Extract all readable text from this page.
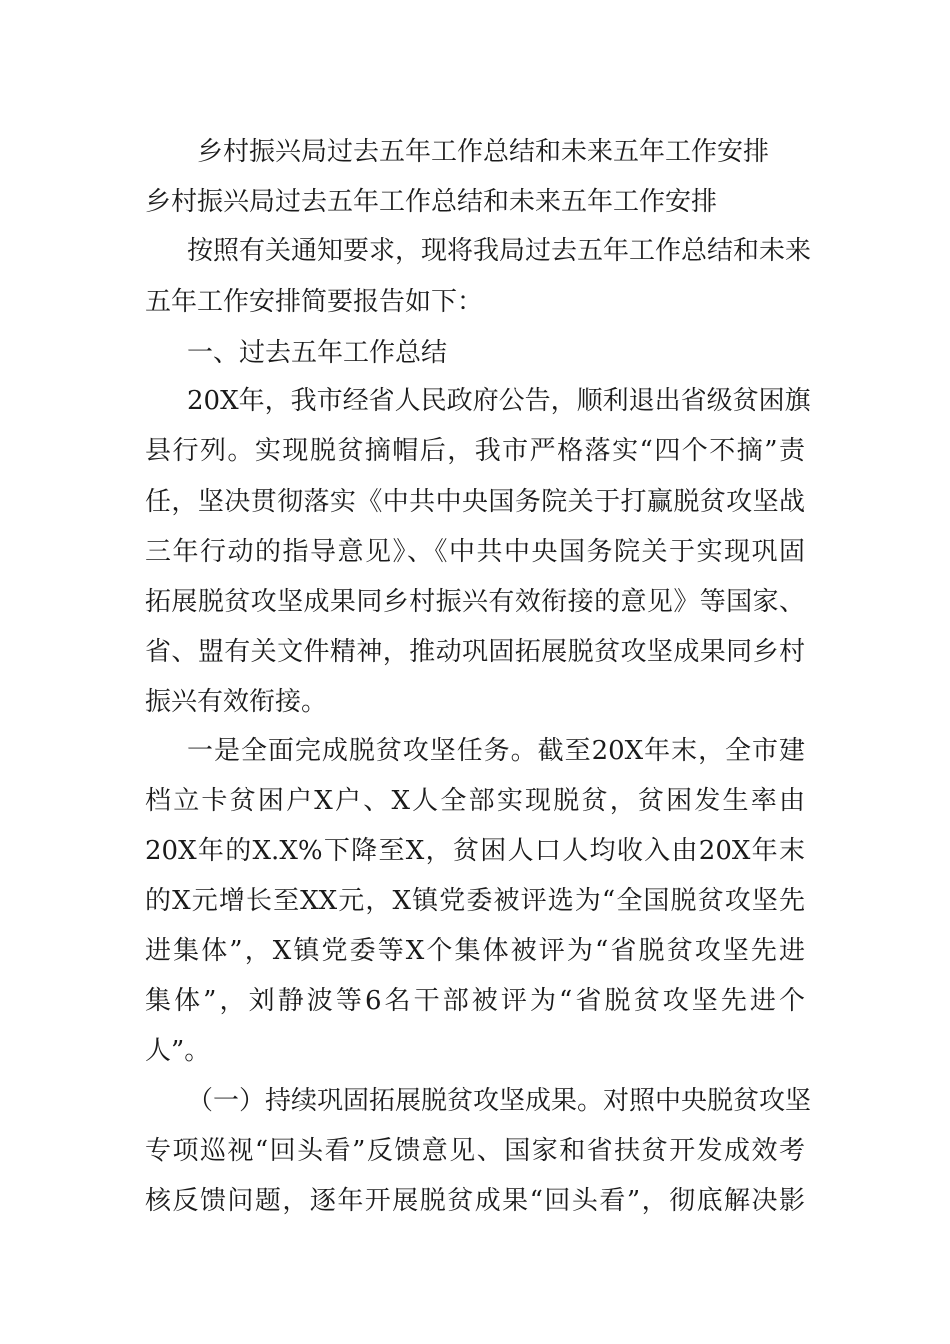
乡村振兴局过去五年工作总结和未来五年工作安排
乡村振兴局过去五年工作总结和未来五年工作安排
按照有关通知要求，现将我局过去五年工作总结和未来
五年工作安排简要报告如下：
一、过去五年工作总结
20X年，我市经省人民政府公告，顺利退出省级贫困旗
县行列。实现脱贫摘帽后，我市严格落实“四个不摘”责
任，坚决贯彻落实《中共中央国务院关于打赢脱贫攻坚战
三年行动的指导意见》、《中共中央国务院关于实现巩固
拓展脱贫攻坚成果同乡村振兴有效衔接的意见》等国家、
省、盟有关文件精神，推动巩固拓展脱贫攻坚成果同乡村
振兴有效衔接。
一是全面完成脱贫攻坚任务。截至20X年末，全市建
档立卡贫困户X户、X人全部实现脱贫，贫困发生率由
20X年的X.X%下降至X，贫困人口人均收入由20X年末
的X元增长至XX元，X镇党委被评选为“全国脱贫攻坚先
进集体”，X镇党委等X个集体被评为“省脱贫攻坚先进
集体”，刘静波等6名干部被评为“省脱贫攻坚先进个
人”。
（一）持续巩固拓展脱贫攻坚成果。对照中央脱贫攻坚
专项巡视“回头看”反馈意见、国家和省扶贫开发成效考
核反馈问题，逐年开展脱贫成果“回头看”，彻底解决影
